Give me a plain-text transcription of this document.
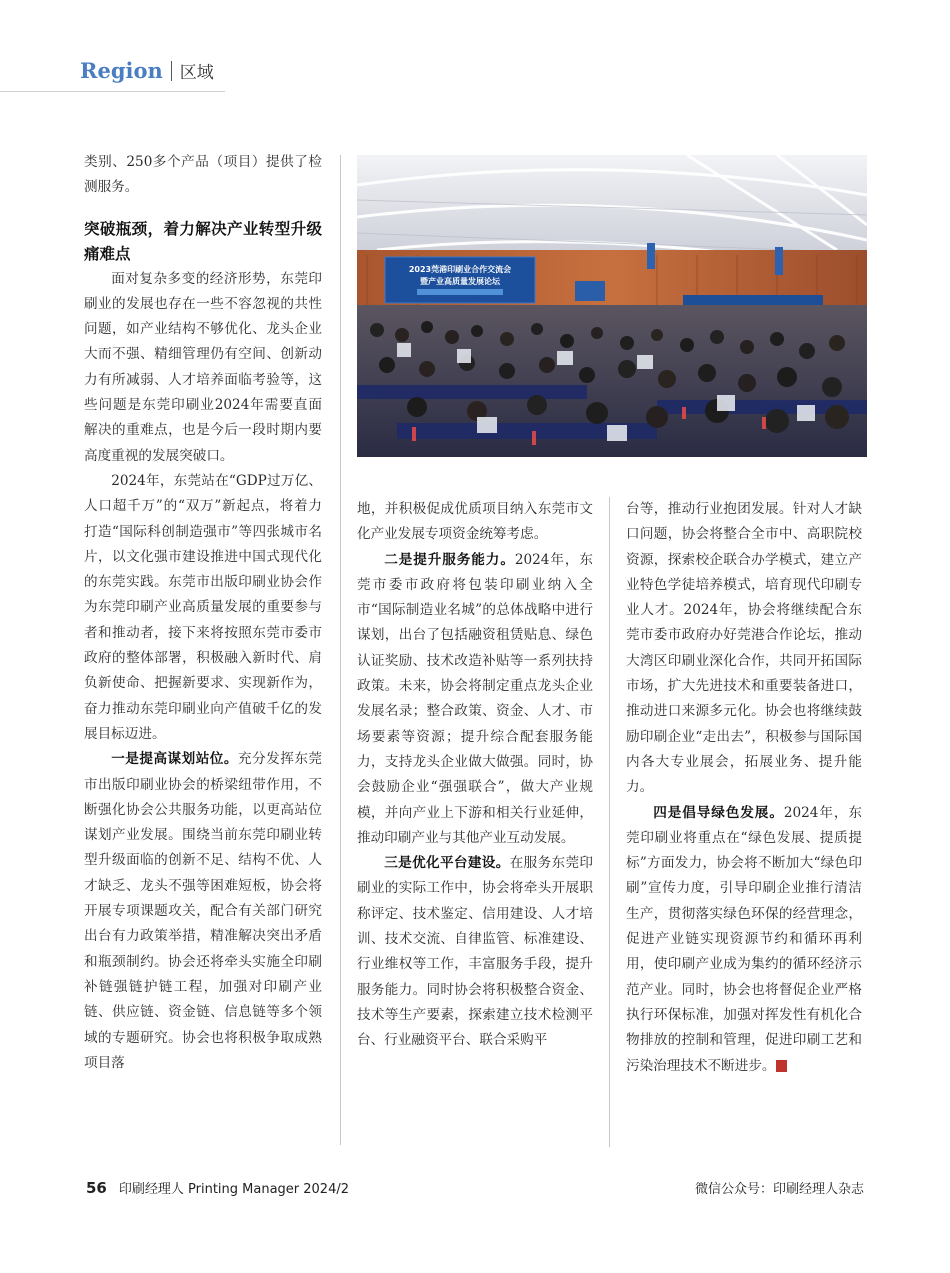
Region 区域

类别、250多个产品（项目）提供了检测服务。

突破瓶颈，着力解决产业转型升级痛难点

面对复杂多变的经济形势，东莞印刷业的发展也存在一些不容忽视的共性问题，如产业结构不够优化、龙头企业大而不强、精细管理仍有空间、创新动力有所减弱、人才培养面临考验等，这些问题是东莞印刷业2024年需要直面解决的重难点，也是今后一段时期内要高度重视的发展突破口。

2024年，东莞站在“GDP过万亿、人口超千万”的“双万”新起点，将着力打造“国际科创制造强市”等四张城市名片，以文化强市建设推进中国式现代化的东莞实践。东莞市出版印刷业协会作为东莞印刷产业高质量发展的重要参与者和推动者，接下来将按照东莞市委市政府的整体部署，积极融入新时代、肩负新使命、把握新要求、实现新作为，奋力推动东莞印刷业向产值破千亿的发展目标迈进。

一是提高谋划站位。充分发挥东莞市出版印刷业协会的桥梁纽带作用，不断强化协会公共服务功能，以更高站位谋划产业发展。围绕当前东莞印刷业转型升级面临的创新不足、结构不优、人才缺乏、龙头不强等困难短板，协会将开展专项课题攻关，配合有关部门研究出台有力政策举措，精准解决突出矛盾和瓶颈制约。协会还将牵头实施全印刷补链强链护链工程，加强对印刷产业链、供应链、资金链、信息链等多个领域的专题研究。协会也将积极争取成熟项目落

2023莞港印刷业合作交流会
暨产业高质量发展论坛

地，并积极促成优质项目纳入东莞市文化产业发展专项资金统筹考虑。

二是提升服务能力。2024年，东莞市委市政府将包装印刷业纳入全市“国际制造业名城”的总体战略中进行谋划，出台了包括融资租赁贴息、绿色认证奖励、技术改造补贴等一系列扶持政策。未来，协会将制定重点龙头企业发展名录；整合政策、资金、人才、市场要素等资源；提升综合配套服务能力，支持龙头企业做大做强。同时，协会鼓励企业“强强联合”，做大产业规模，并向产业上下游和相关行业延伸，推动印刷产业与其他产业互动发展。

三是优化平台建设。在服务东莞印刷业的实际工作中，协会将牵头开展职称评定、技术鉴定、信用建设、人才培训、技术交流、自律监管、标准建设、行业维权等工作，丰富服务手段，提升服务能力。同时协会将积极整合资金、技术等生产要素，探索建立技术检测平台、行业融资平台、联合采购平

台等，推动行业抱团发展。针对人才缺口问题，协会将整合全市中、高职院校资源，探索校企联合办学模式，建立产业特色学徒培养模式，培育现代印刷专业人才。2024年，协会将继续配合东莞市委市政府办好莞港合作论坛，推动大湾区印刷业深化合作，共同开拓国际市场，扩大先进技术和重要装备进口，推动进口来源多元化。协会也将继续鼓励印刷企业“走出去”，积极参与国际国内各大专业展会，拓展业务、提升能力。

四是倡导绿色发展。2024年，东莞印刷业将重点在“绿色发展、提质提标”方面发力，协会将不断加大“绿色印刷”宣传力度，引导印刷企业推行清洁生产，贯彻落实绿色环保的经营理念，促进产业链实现资源节约和循环再利用，使印刷产业成为集约的循环经济示范产业。同时，协会也将督促企业严格执行环保标准，加强对挥发性有机化合物排放的控制和管理，促进印刷工艺和污染治理技术不断进步。	人

56 印刷经理人 Printing Manager 2024/2	微信公众号：印刷经理人杂志
